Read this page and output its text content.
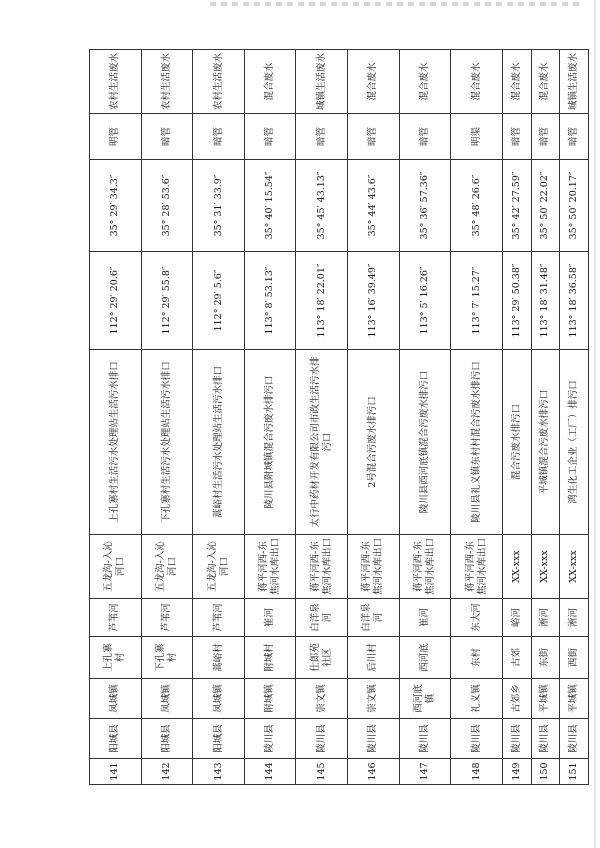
141	阳城县	凤城镇	上孔寨村	芦苇河	五龙沟-入沁河口	上孔寨村生活污水处理站生活污水排口	112° 29′ 20.6″	35° 29′ 34.3″	明管	农村生活废水
142	阳城县	凤城镇	下孔寨村	芦苇河	五龙沟-入沁河口	下孔寨村生活污水处理站生活污水排口	112° 29′ 55.8″	35° 28′ 53.6″	暗管	农村生活废水
143	阳城县	凤城镇	蒿峪村	芦苇河	五龙沟-入沁河口	蒿峪村生活污水处理站生活污水排口	112° 29′ 5.6″	35° 31′ 33.9″	暗管	农村生活废水
144	陵川县	附城镇	附城村	崔河	蒋平河西-东焦河水库出口	陵川县附城镇混合污废水排污口	113° 8′ 53.13″	35° 40′ 15.54″	暗管	混合废水
145	陵川县	崇文镇	仕郎苑社区	白洋泉河	蒋平河西-东焦河水库出口	太行中药材开发有限公司市政生活污水排污口	113° 18′ 22.01″	35° 45′ 43.13″	暗管	城镇生活废水
146	陵川县	崇文镇	后川村	白洋泉河	蒋平河西-东焦河水库出口	2号混合污废水排污口	113° 16′ 39.49″	35° 44′ 43.6″	暗管	混合废水
147	陵川县	西河底镇	西河底	崔河	蒋平河西-东焦河水库出口	陵川县西河底镇混合污废水排污口	113° 5′ 16.26″	35° 36′ 57.36″	暗管	混合废水
148	陵川县	礼义镇	东村	东大河	蒋平河西-东焦河水库出口	陵川县礼义镇东村村混合污废水排污口	113° 7′ 15.27″	35° 48′ 26.6″	明渠	混合废水
149	陵川县	古郊乡	古郊	峪河	XX-xxx	混合污废水排污口	113° 29′ 50.38″	35° 42′ 27.59″	暗管	混合废水
150	陵川县	平城镇	东街	淅河	XX-xxx	平城镇混合污废水排污口	113° 18′ 31.48″	35° 50′ 22.02″	暗管	混合废水
151	陵川县	平城镇	西街	淅河	XX-xxx	鸿生化工企业（工厂）排污口	113° 18′ 36.58″	35° 50′ 20.17″	暗管	城镇生活废水
